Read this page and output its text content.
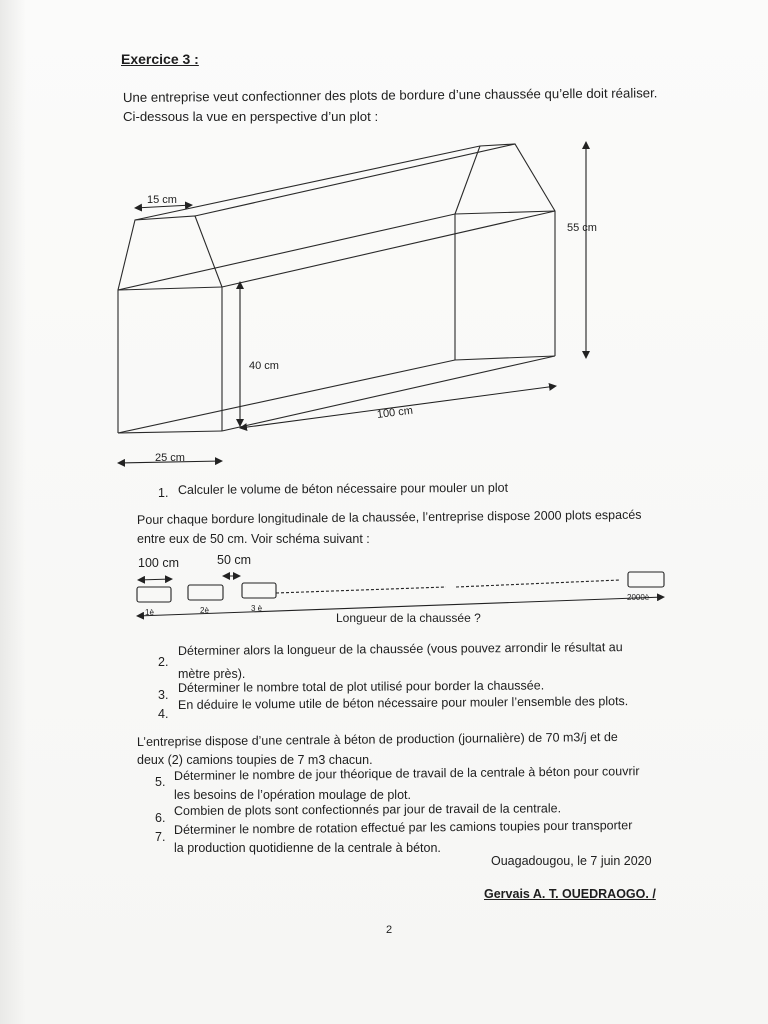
Exercice 3 :
Une entreprise veut confectionner des plots de bordure d’une chaussée qu’elle doit réaliser.
Ci-dessous la vue en perspective d’un plot :
15 cm
55 cm
40 cm
100 cm
25 cm
1. Calculer le volume de béton nécessaire pour mouler un plot
Pour chaque bordure longitudinale de la chaussée, l’entreprise dispose 2000 plots espacés
entre eux de 50 cm. Voir schéma suivant :
100 cm	50 cm
1è	2è	3 è
2000è
Longueur de la chaussée ?
2.
Déterminer alors la longueur de la chaussée (vous pouvez arrondir le résultat au
mètre près).
3.
Déterminer le nombre total de plot utilisé pour border la chaussée.
4.
En déduire le volume utile de béton nécessaire pour mouler l’ensemble des plots.
L’entreprise dispose d’une centrale à béton de production (journalière) de 70 m3/j et de
deux (2) camions toupies de 7 m3 chacun.
5. Déterminer le nombre de jour théorique de travail de la centrale à béton pour couvrir
les besoins de l’opération moulage de plot.
6.
Combien de plots sont confectionnés par jour de travail de la centrale.
7.
Déterminer le nombre de rotation effectué par les camions toupies pour transporter
la production quotidienne de la centrale à béton.
Ouagadougou, le 7 juin 2020
Gervais A. T. OUEDRAOGO. /
2
